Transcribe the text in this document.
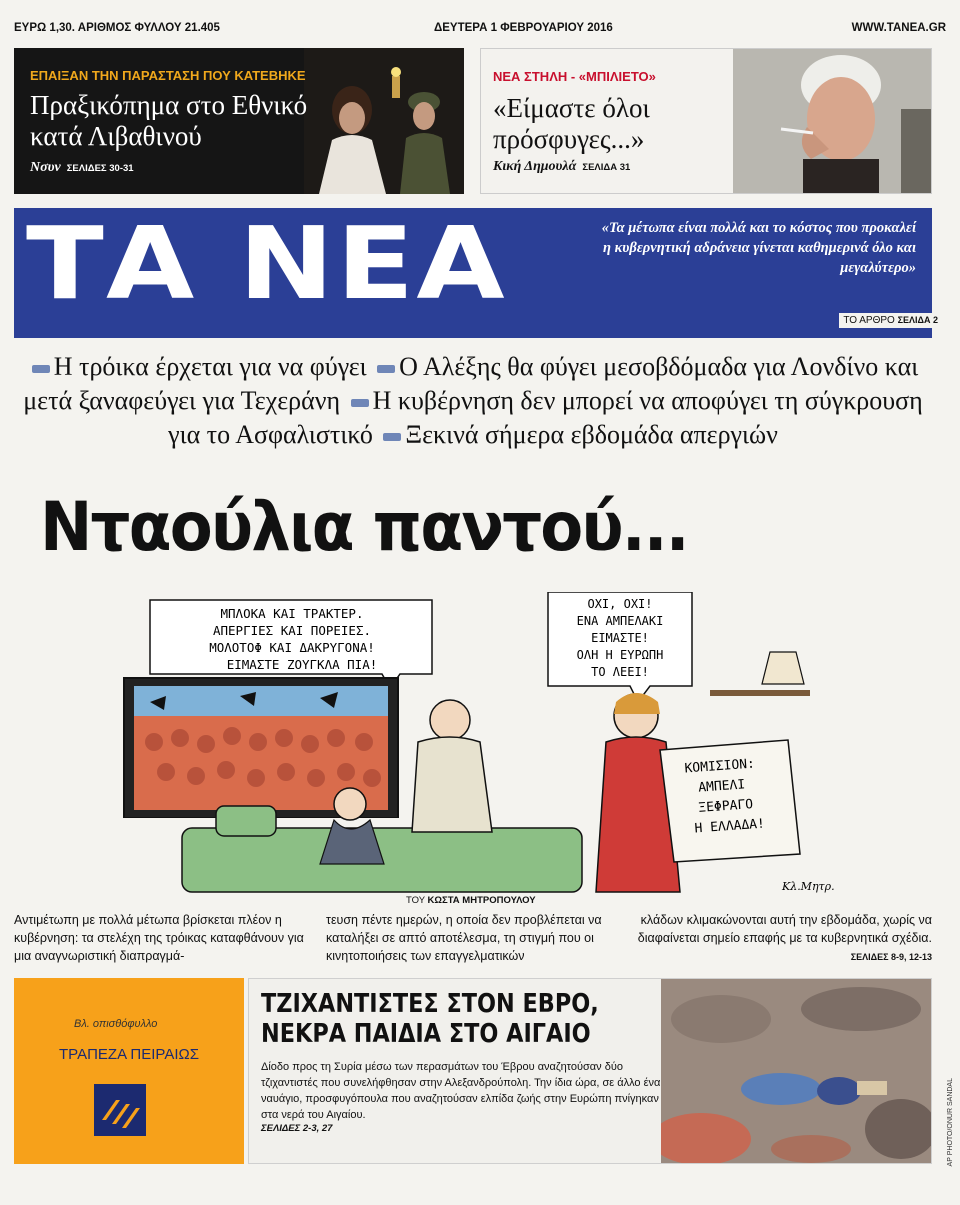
ΕΥΡΩ 1,30. ΑΡΙΘΜΟΣ ΦΥΛΛΟΥ 21.405	ΔΕΥΤΕΡΑ 1 ΦΕΒΡΟΥΑΡΙΟΥ 2016	WWW.TANEA.GR
ΕΠΑΙΞΑΝ ΤΗΝ ΠΑΡΑΣΤΑΣΗ ΠΟΥ ΚΑΤΕΒΗΚΕ
Πραξικόπημα στο Εθνικό κατά Λιβαθινού
Νσυν ΣΕΛΙΔΕΣ 30-31
ΝΕΑ ΣΤΗΛΗ - «ΜΠΙΛΙΕΤΟ»
«Είμαστε όλοι πρόσφυγες...»
Κική Δημουλά ΣΕΛΙΔΑ 31
ΤΑ ΝΕΑ	«Τα μέτωπα είναι πολλά και το κόστος που προκαλεί η κυβερνητική αδράνεια γίνεται καθημερινά όλο και μεγαλύτερο»
ΤΟ ΑΡΘΡΟ ΣΕΛΙΔΑ 2
Η τρόικα έρχεται για να φύγει Ο Αλέξης θα φύγει μεσοβδόμαδα για Λονδίνο και μετά ξαναφεύγει για Τεχεράνη Η κυβέρνηση δεν μπορεί να αποφύγει τη σύγκρουση για το Ασφαλιστικό Ξεκινά σήμερα εβδομάδα απεργιών
Νταούλια παντού...
ΜΠΛΟΚΑ ΚΑΙ ΤΡΑΚΤΕΡ.
ΑΠΕΡΓΙΕΣ ΚΑΙ ΠΟΡΕΙΕΣ.
ΜΟΛΟΤΟΦ ΚΑΙ ΔΑΚΡΥΓΟΝΑ!
ΕΙΜΑΣΤΕ ΖΟΥΓΚΛΑ ΠΙΑ!
ΟΧΙ, ΟΧΙ!
ΕΝΑ ΑΜΠΕΛΑΚΙ
ΕΙΜΑΣΤΕ!
ΟΛΗ Η ΕΥΡΩΠΗ
ΤΟ ΛΕΕΙ!
ΚΟΜΙΣΙΟΝ:
ΑΜΠΕΛΙ
ΞΕΦΡΑΓΟ
Η ΕΛΛΑΔΑ!
Κλ.Μητρ.
ΤΟΥ ΚΩΣΤΑ ΜΗΤΡΟΠΟΥΛΟΥ
Αντιμέτωπη με πολλά μέτωπα βρίσκεται πλέον η κυβέρνηση: τα στελέχη της τρόικας καταφθάνουν για μια αναγνωριστική διαπραγμά-
τευση πέντε ημερών, η οποία δεν προβλέπεται να καταλήξει σε απτό αποτέλεσμα, τη στιγμή που οι κινητοποιήσεις των επαγγελματικών
κλάδων κλιμακώνονται αυτή την εβδομάδα, χωρίς να διαφαίνεται σημείο επαφής με τα κυβερνητικά σχέδια.
ΣΕΛΙΔΕΣ 8-9, 12-13
Βλ. οπισθόφυλλο
ΤΡΑΠΕΖΑ ΠΕΙΡΑΙΩΣ
ΤΖΙΧΑΝΤΙΣΤΕΣ ΣΤΟΝ ΕΒΡΟ, ΝΕΚΡΑ ΠΑΙΔΙΑ ΣΤΟ ΑΙΓΑΙΟ
Δίοδο προς τη Συρία μέσω των περασμάτων του Έβρου αναζητούσαν δύο τζιχαντιστές που συνελήφθησαν στην Αλεξανδρούπολη. Την ίδια ώρα, σε άλλο ένα ναυάγιο, προσφυγόπουλα που αναζητούσαν ελπίδα ζωής στην Ευρώπη πνίγηκαν στα νερά του Αιγαίου.
ΣΕΛΙΔΕΣ 2-3, 27	AP PHOTO/ONUR SANDAL
